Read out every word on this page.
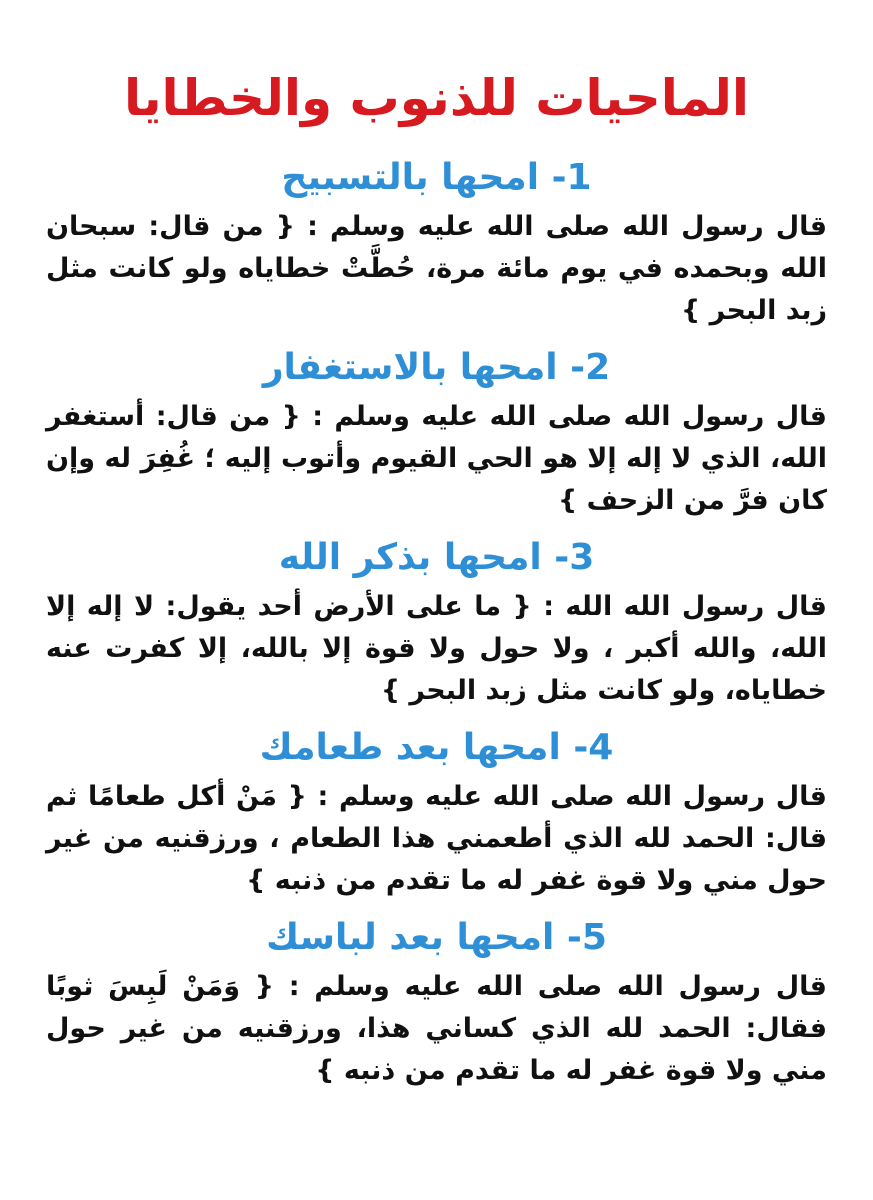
الماحيات للذنوب والخطايا
1- امحها بالتسبيح

قال رسول الله صلى الله عليه وسلم : { من قال: سبحان الله وبحمده في يوم مائة مرة، حُطَّتْ خطاياه ولو كانت مثل زبد البحر }

2- امحها بالاستغفار

قال رسول الله صلى الله عليه وسلم : { من قال: أستغفر الله، الذي لا إله إلا هو الحي القيوم وأتوب إليه ؛ غُفِرَ له وإن كان فرَّ من الزحف }

3- امحها بذكر الله

قال رسول الله الله : { ما على الأرض أحد يقول: لا إله إلا الله، والله أكبر ، ولا حول ولا قوة إلا بالله، إلا كفرت عنه خطاياه، ولو كانت مثل زبد البحر }

4- امحها بعد طعامك

قال رسول الله صلى الله عليه وسلم : { مَنْ أكل طعامًا ثم قال: الحمد لله الذي أطعمني هذا الطعام ، ورزقنيه من غير حول مني ولا قوة غفر له ما تقدم من ذنبه }

5- امحها بعد لباسك

قال رسول الله صلى الله عليه وسلم : { وَمَنْ لَبِسَ ثوبًا فقال: الحمد لله الذي كساني هذا، ورزقنيه من غير حول مني ولا قوة غفر له ما تقدم من ذنبه }
